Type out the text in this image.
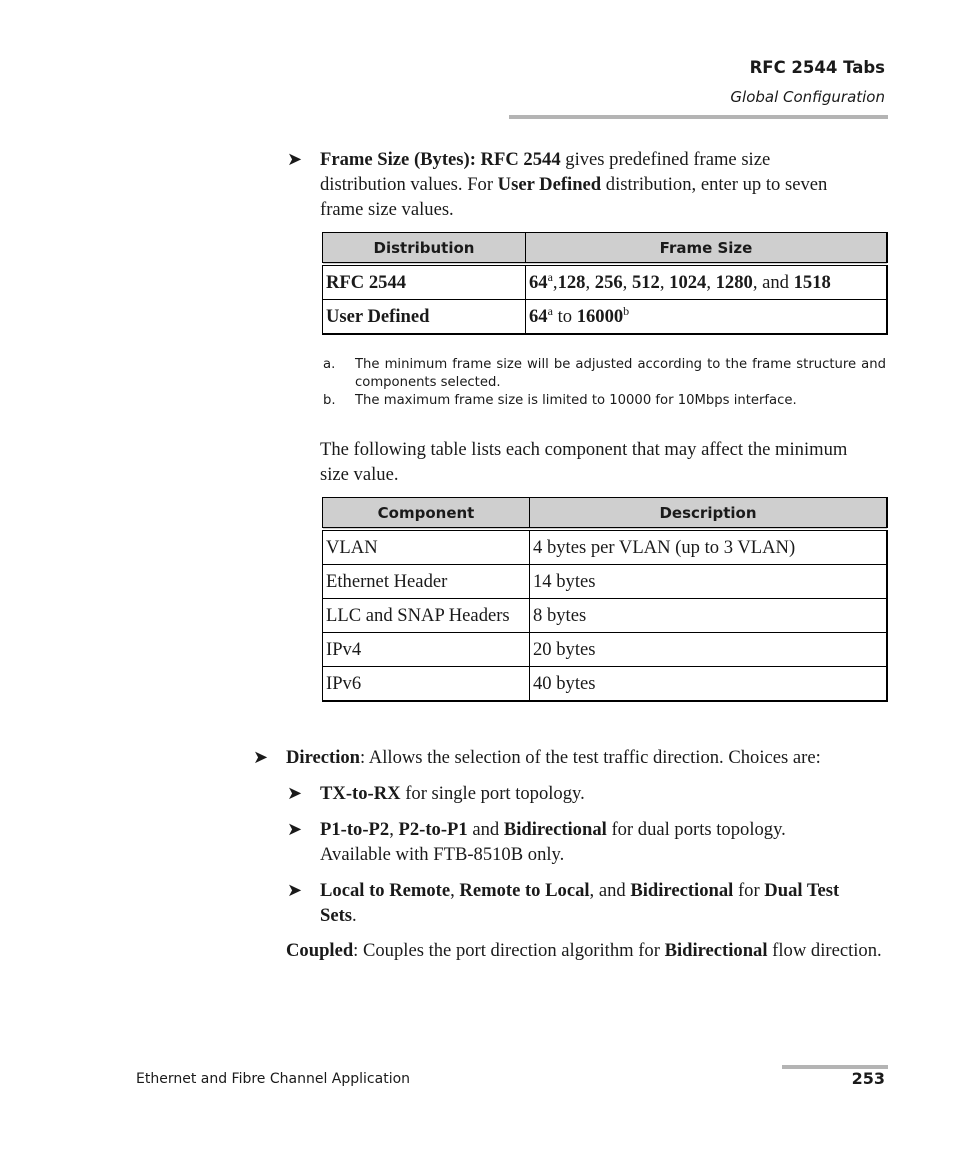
RFC 2544 Tabs
Global Configuration
➤ Frame Size (Bytes): RFC 2544 gives predefined frame size distribution values. For User Defined distribution, enter up to seven frame size values.
Distribution	Frame Size
RFC 2544	64$^a$,128, 256, 512, 1024, 1280, and 1518
User Defined	64$^a$ to 16000$^b$
a. The minimum frame size will be adjusted according to the frame structure and components selected.
b. The maximum frame size is limited to 10000 for 10Mbps interface.
The following table lists each component that may affect the minimum size value.
Component	Description
VLAN	4 bytes per VLAN (up to 3 VLAN)
Ethernet Header	14 bytes
LLC and SNAP Headers	8 bytes
IPv4	20 bytes
IPv6	40 bytes
➤ Direction: Allows the selection of the test traffic direction. Choices are:
➤ TX-to-RX for single port topology.
➤ P1-to-P2, P2-to-P1 and Bidirectional for dual ports topology. Available with FTB-8510B only.
➤ Local to Remote, Remote to Local, and Bidirectional for Dual Test Sets.
Coupled: Couples the port direction algorithm for Bidirectional flow direction.
Ethernet and Fibre Channel Application	253
